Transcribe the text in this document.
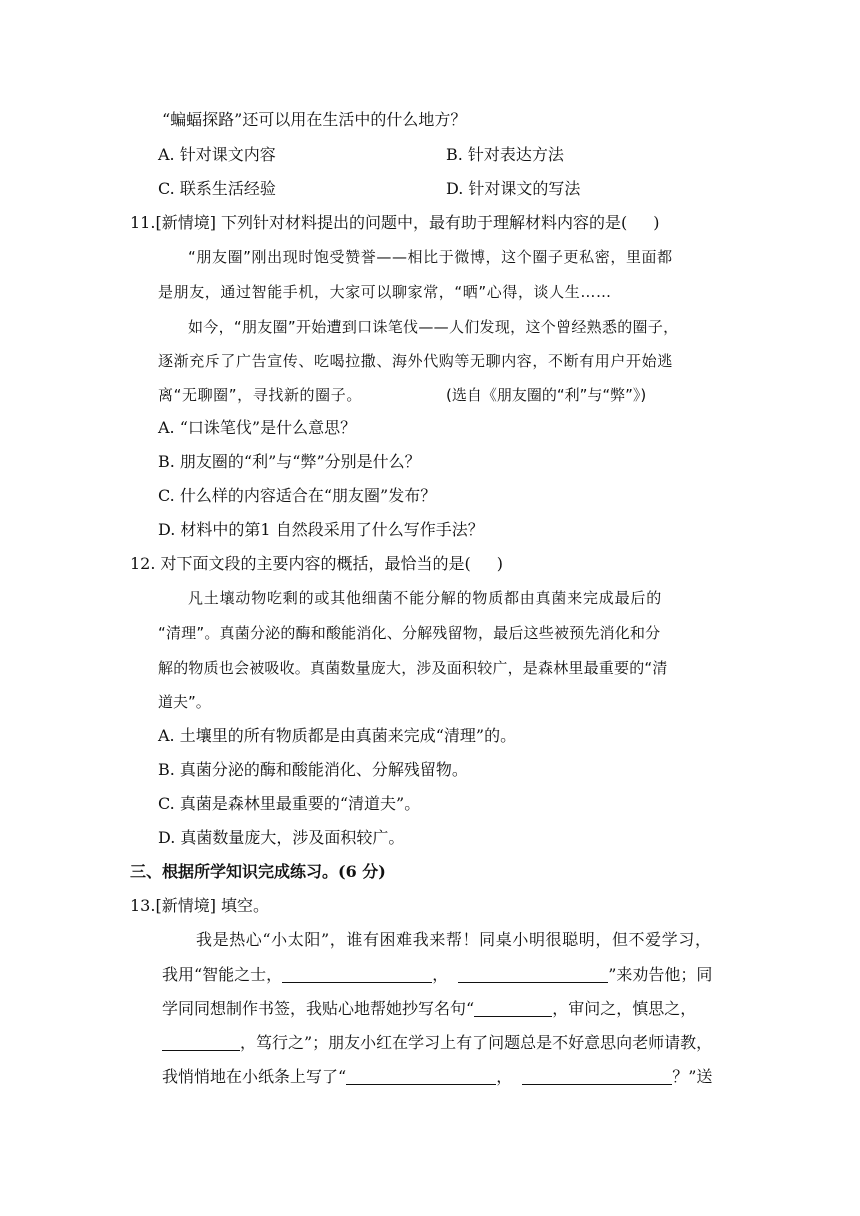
“蝙蝠探路”还可以用在生活中的什么地方？
A. 针对课文内容	B. 针对表达方法
C. 联系生活经验	D. 针对课文的写法
11.[新情境] 下列针对材料提出的问题中，最有助于理解材料内容的是( )
“朋友圈”刚出现时饱受赞誉——相比于微博，这个圈子更私密，里面都
是朋友，通过智能手机，大家可以聊家常，“晒”心得，谈人生……
如今，“朋友圈”开始遭到口诛笔伐——人们发现，这个曾经熟悉的圈子，
逐渐充斥了广告宣传、吃喝拉撒、海外代购等无聊内容，不断有用户开始逃
离“无聊圈”，寻找新的圈子。	(选自《朋友圈的“利”与“弊”》)
A. “口诛笔伐”是什么意思？
B. 朋友圈的“利”与“弊”分别是什么？
C. 什么样的内容适合在“朋友圈”发布？
D. 材料中的第1 自然段采用了什么写作手法？
12. 对下面文段的主要内容的概括，最恰当的是( )
凡土壤动物吃剩的或其他细菌不能分解的物质都由真菌来完成最后的
“清理”。真菌分泌的酶和酸能消化、分解残留物，最后这些被预先消化和分
解的物质也会被吸收。真菌数量庞大，涉及面积较广，是森林里最重要的“清
道夫”。
A. 土壤里的所有物质都是由真菌来完成“清理”的。
B. 真菌分泌的酶和酸能消化、分解残留物。
C. 真菌是森林里最重要的“清道夫”。
D. 真菌数量庞大，涉及面积较广。
三、根据所学知识完成练习。(6 分)
13.[新情境] 填空。
我是热心“小太阳”，谁有困难我来帮！同桌小明很聪明，但不爱学习，
我用“智能之士，	，	”来劝告他；同
学同同想制作书签，我贴心地帮她抄写名句“	，审问之，慎思之，
，笃行之”；朋友小红在学习上有了问题总是不好意思向老师请教，
我悄悄地在小纸条上写了“	，	？”送
